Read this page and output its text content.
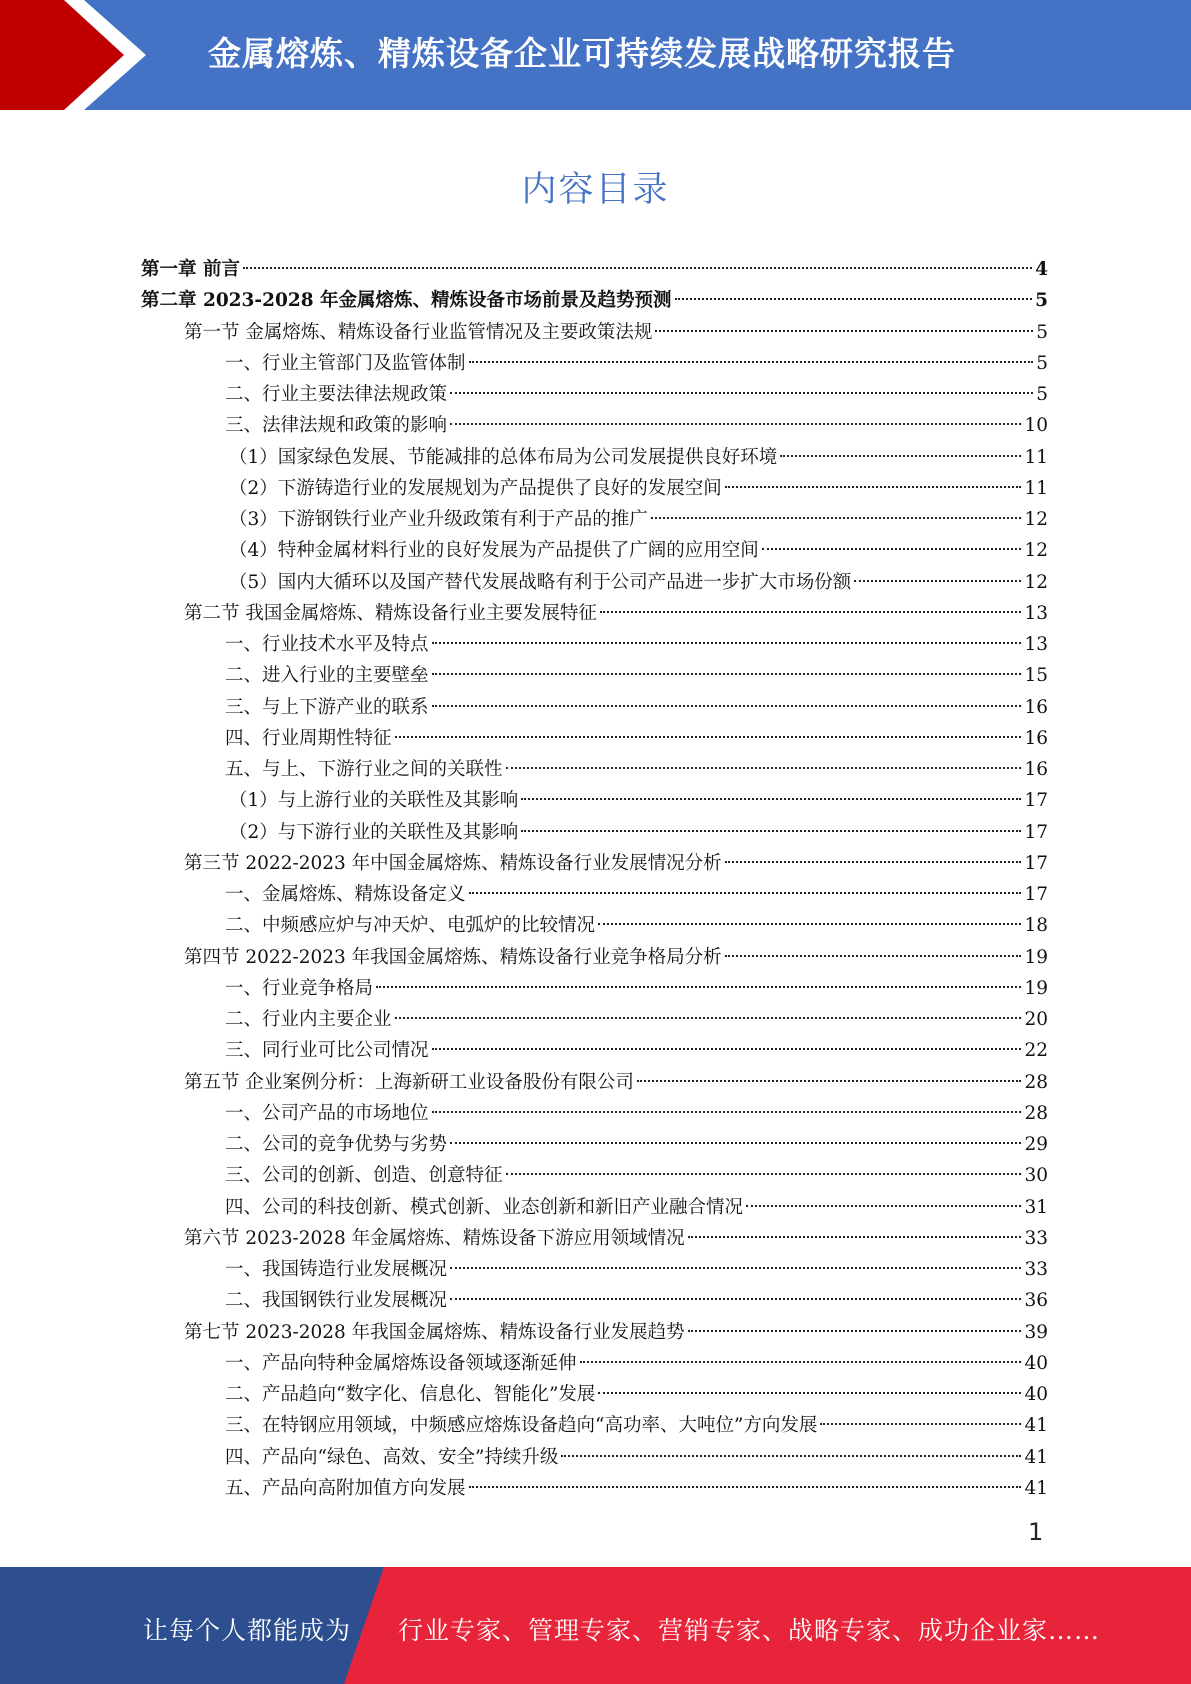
金属熔炼、精炼设备企业可持续发展战略研究报告
内容目录
第一章 前言	4
第二章 2023-2028 年金属熔炼、精炼设备市场前景及趋势预测	5
第一节 金属熔炼、精炼设备行业监管情况及主要政策法规	5
一、行业主管部门及监管体制	5
二、行业主要法律法规政策	5
三、法律法规和政策的影响	10
（1）国家绿色发展、节能减排的总体布局为公司发展提供良好环境	11
（2）下游铸造行业的发展规划为产品提供了良好的发展空间	11
（3）下游钢铁行业产业升级政策有利于产品的推广	12
（4）特种金属材料行业的良好发展为产品提供了广阔的应用空间	12
（5）国内大循环以及国产替代发展战略有利于公司产品进一步扩大市场份额	12
第二节 我国金属熔炼、精炼设备行业主要发展特征	13
一、行业技术水平及特点	13
二、进入行业的主要壁垒	15
三、与上下游产业的联系	16
四、行业周期性特征	16
五、与上、下游行业之间的关联性	16
（1）与上游行业的关联性及其影响	17
（2）与下游行业的关联性及其影响	17
第三节 2022-2023 年中国金属熔炼、精炼设备行业发展情况分析	17
一、金属熔炼、精炼设备定义	17
二、中频感应炉与冲天炉、电弧炉的比较情况	18
第四节 2022-2023 年我国金属熔炼、精炼设备行业竞争格局分析	19
一、行业竞争格局	19
二、行业内主要企业	20
三、同行业可比公司情况	22
第五节 企业案例分析：上海新研工业设备股份有限公司	28
一、公司产品的市场地位	28
二、公司的竞争优势与劣势	29
三、公司的创新、创造、创意特征	30
四、公司的科技创新、模式创新、业态创新和新旧产业融合情况	31
第六节 2023-2028 年金属熔炼、精炼设备下游应用领域情况	33
一、我国铸造行业发展概况	33
二、我国钢铁行业发展概况	36
第七节 2023-2028 年我国金属熔炼、精炼设备行业发展趋势	39
一、产品向特种金属熔炼设备领域逐渐延伸	40
二、产品趋向“数字化、信息化、智能化”发展	40
三、在特钢应用领域，中频感应熔炼设备趋向“高功率、大吨位”方向发展	41
四、产品向“绿色、高效、安全”持续升级	41
五、产品向高附加值方向发展	41
1
让每个人都能成为 行业专家、管理专家、营销专家、战略专家、成功企业家……
